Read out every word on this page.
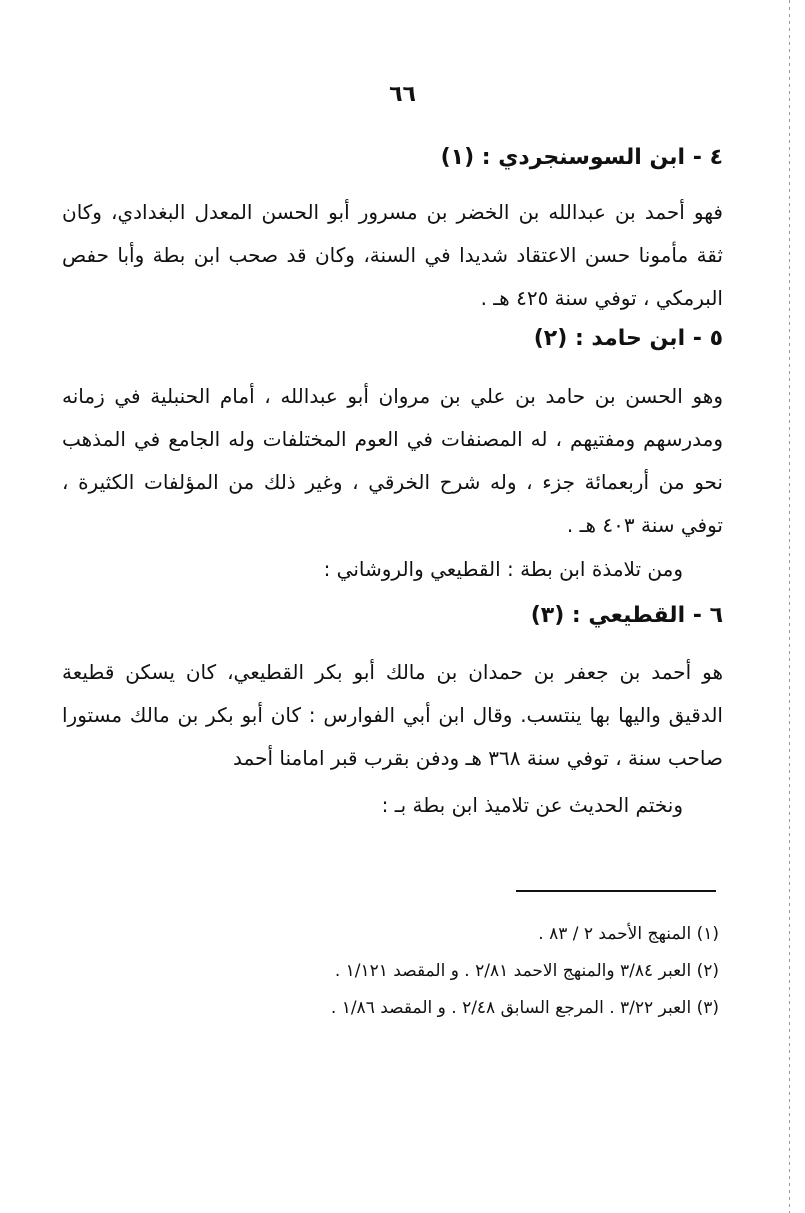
٦٦

٤ - ابن السوسنجردي : (١)

فهو أحمد بن عبدالله بن الخضر بن مسرور أبو الحسن المعدل البغدادي، وكان ثقة مأمونا حسن الاعتقاد شديدا في السنة، وكان قد صحب ابن بطة وأبا حفص البرمكي ، توفي سنة ٤٢٥ هـ .

٥ - ابن حامد : (٢)

وهو الحسن بن حامد بن علي بن مروان أبو عبدالله ، أمام الحنبلية في زمانه ومدرسهم ومفتيهم ، له المصنفات في العوم المختلفات وله الجامع في المذهب نحو من أربعمائة جزء ، وله شرح الخرقي ، وغير ذلك من المؤلفات الكثيرة ، توفي سنة ٤٠٣ هـ .

ومن تلامذة ابن بطة : القطيعي والروشاني :

٦ - القطيعي : (٣)

هو أحمد بن جعفر بن حمدان بن مالك أبو بكر القطيعي، كان يسكن قطيعة الدقيق واليها بها ينتسب. وقال ابن أبي الفوارس : كان أبو بكر بن مالك مستورا صاحب سنة ، توفي سنة ٣٦٨ هـ ودفن بقرب قبر امامنا أحمد

ونختم الحديث عن تلاميذ ابن بطة بـ :

(١) المنهج الأحمد ٢ / ٨٣ .

(٢) العبر ٣/٨٤ والمنهج الاحمد ٢/٨١ . و المقصد ١/١٢١ .

(٣) العبر ٣/٢٢ . المرجع السابق ٢/٤٨ . و المقصد ١/٨٦ .
